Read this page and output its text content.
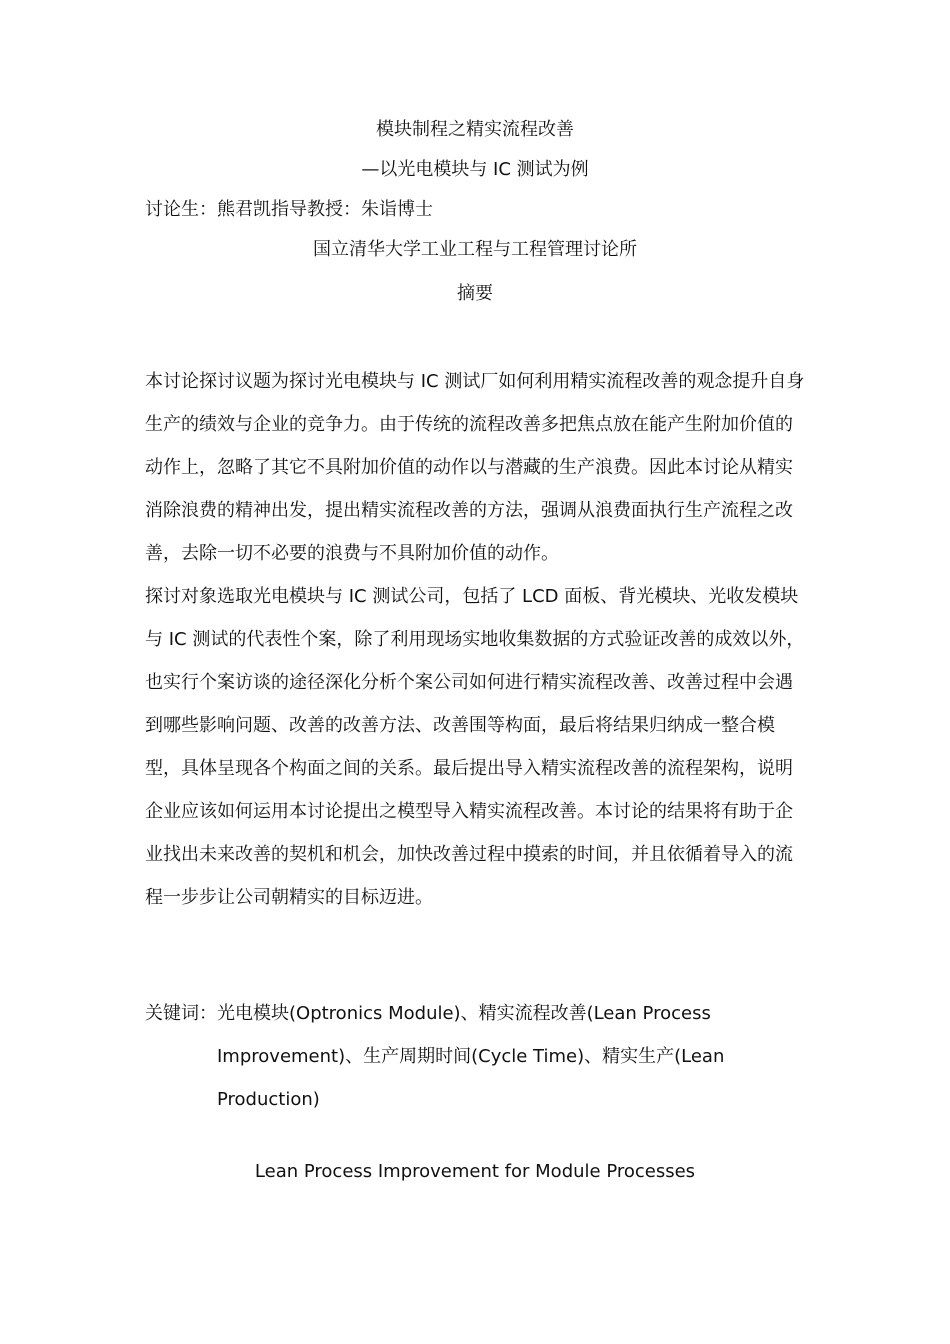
模块制程之精实流程改善
—以光电模块与 IC 测试为例
讨论生：熊君凯指导教授：朱诣博士
国立清华大学工业工程与工程管理讨论所
摘要

本讨论探讨议题为探讨光电模块与 IC 测试厂如何利用精实流程改善的观念提升自身生产的绩效与企业的竞争力。由于传统的流程改善多把焦点放在能产生附加价值的动作上，忽略了其它不具附加价值的动作以与潜藏的生产浪费。因此本讨论从精实消除浪费的精神出发，提出精实流程改善的方法，强调从浪费面执行生产流程之改善，去除一切不必要的浪费与不具附加价值的动作。

探讨对象选取光电模块与 IC 测试公司，包括了 LCD 面板、背光模块、光收发模块与 IC 测试的代表性个案，除了利用现场实地收集数据的方式验证改善的成效以外，也实行个案访谈的途径深化分析个案公司如何进行精实流程改善、改善过程中会遇到哪些影响问题、改善的改善方法、改善围等构面，最后将结果归纳成一整合模型，具体呈现各个构面之间的关系。最后提出导入精实流程改善的流程架构，说明企业应该如何运用本讨论提出之模型导入精实流程改善。本讨论的结果将有助于企业找出未来改善的契机和机会，加快改善过程中摸索的时间，并且依循着导入的流程一步步让公司朝精实的目标迈进。

关键词： 光电模块(Optronics Module)、精实流程改善(Lean Process Improvement)、生产周期时间(Cycle Time)、精实生产(Lean Production)
Lean Process Improvement for Module Processes
